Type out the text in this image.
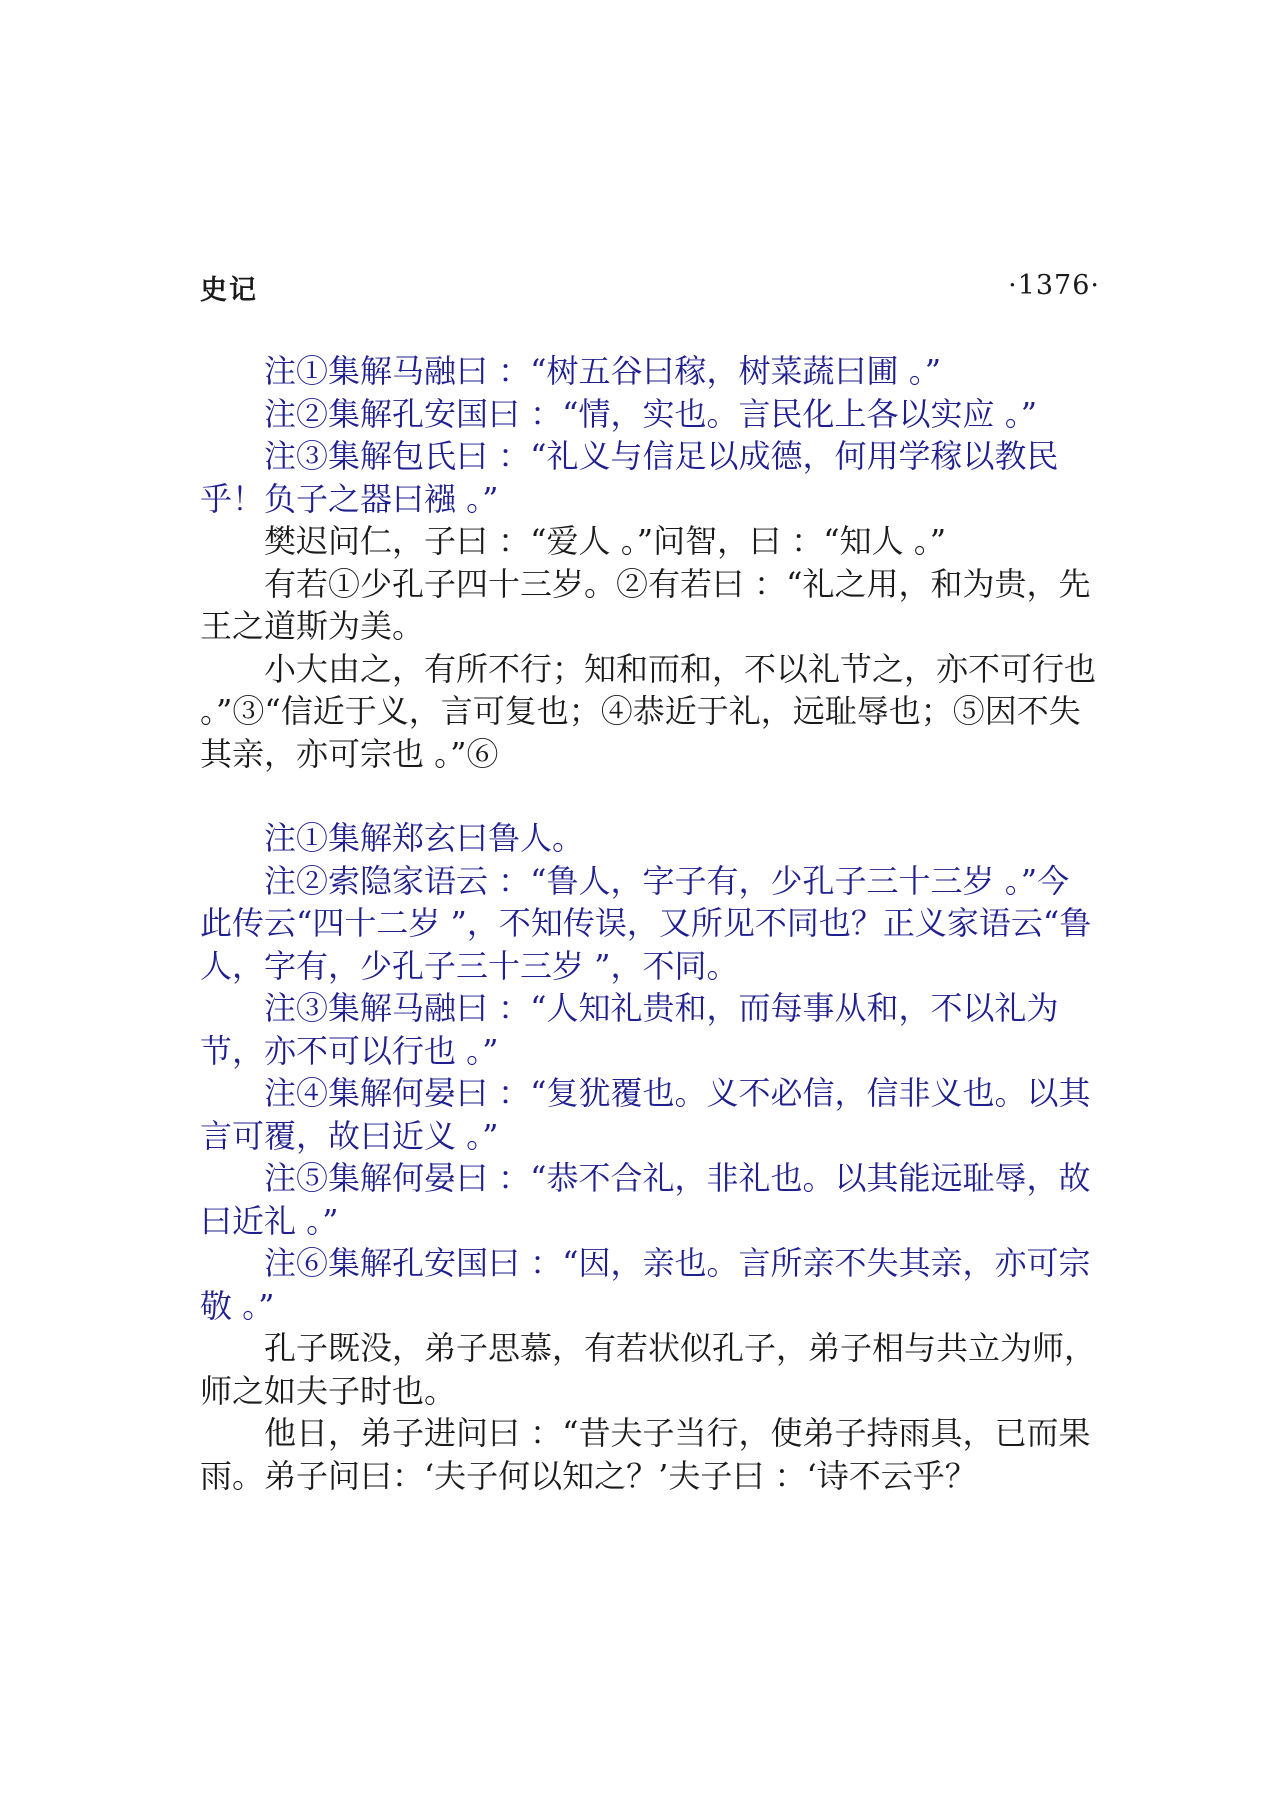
史记	·1376·

注①集解马融曰 ：“树五谷曰稼，树菜蔬曰圃 。”

注②集解孔安国曰 ：“情，实也。言民化上各以实应 。”

注③集解包氏曰 ：“礼义与信足以成德，何用学稼以教民乎！负子之器曰襁 。”

樊迟问仁，子曰 ：“爱人 。”问智，曰 ：“知人 。”

有若①少孔子四十三岁。②有若曰 ：“礼之用，和为贵，先王之道斯为美。

小大由之，有所不行；知和而和，不以礼节之，亦不可行也 。”③“信近于义，言可复也；④恭近于礼，远耻辱也；⑤因不失其亲，亦可宗也 。”⑥

注①集解郑玄曰鲁人。

注②索隐家语云 ：“鲁人，字子有，少孔子三十三岁 。”今此传云“四十二岁 ”，不知传误，又所见不同也？正义家语云“鲁人，字有，少孔子三十三岁 ”，不同。

注③集解马融曰 ：“人知礼贵和，而每事从和，不以礼为节，亦不可以行也 。”

注④集解何晏曰 ：“复犹覆也。义不必信，信非义也。以其言可覆，故曰近义 。”

注⑤集解何晏曰 ：“恭不合礼，非礼也。以其能远耻辱，故曰近礼 。”

注⑥集解孔安国曰 ：“因，亲也。言所亲不失其亲，亦可宗敬 。”

孔子既没，弟子思慕，有若状似孔子，弟子相与共立为师，师之如夫子时也。

他日，弟子进问曰 ：“昔夫子当行，使弟子持雨具，已而果雨。弟子问曰：‘夫子何以知之？’夫子曰 ：‘诗不云乎？
